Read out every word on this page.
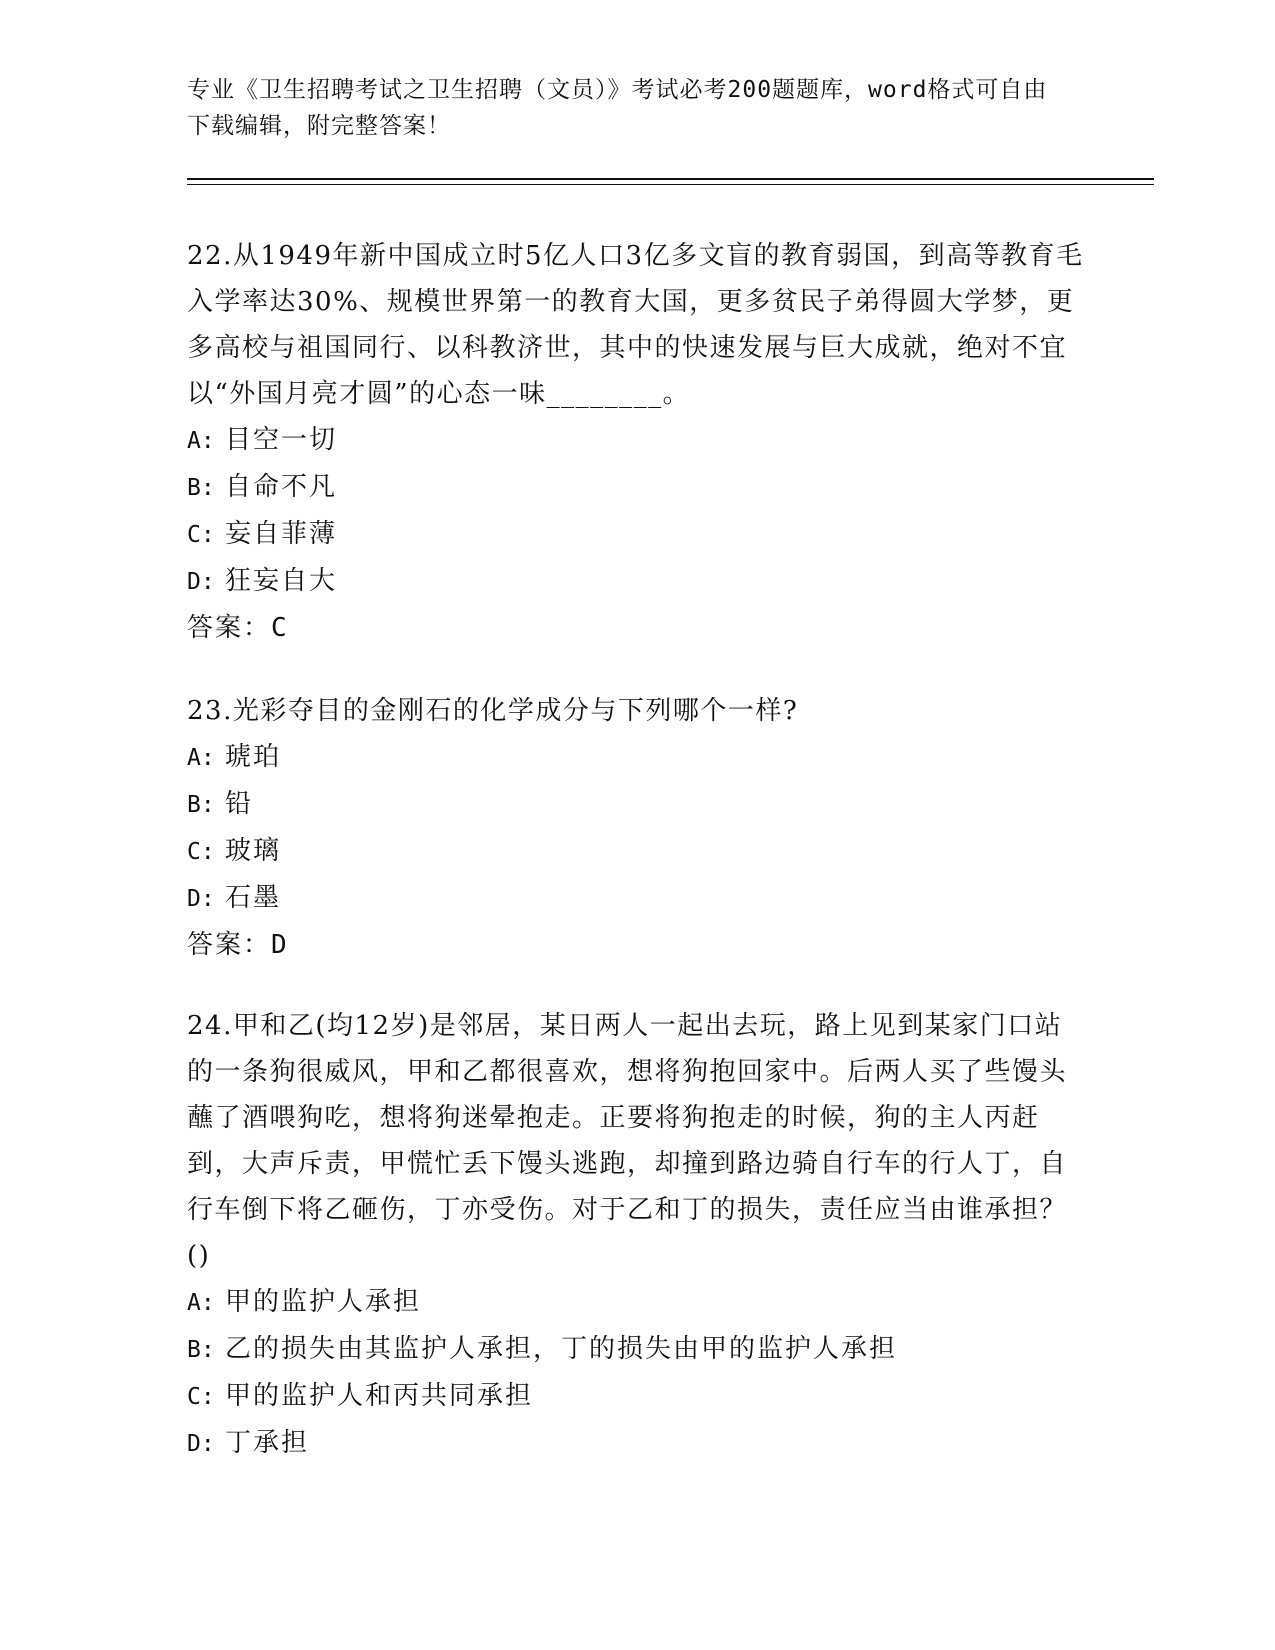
专业《卫生招聘考试之卫生招聘（文员）》考试必考200题题库，word格式可自由下载编辑，附完整答案！

22.从1949年新中国成立时5亿人口3亿多文盲的教育弱国，到高等教育毛入学率达30%、规模世界第一的教育大国，更多贫民子弟得圆大学梦，更多高校与祖国同行、以科教济世，其中的快速发展与巨大成就，绝对不宜以“外国月亮才圆”的心态一味________。

A: 目空一切

B: 自命不凡

C: 妄自菲薄

D: 狂妄自大

答案：C

23.光彩夺目的金刚石的化学成分与下列哪个一样?

A: 琥珀

B: 铅

C: 玻璃

D: 石墨

答案：D

24.甲和乙(均12岁)是邻居，某日两人一起出去玩，路上见到某家门口站的一条狗很威风，甲和乙都很喜欢，想将狗抱回家中。后两人买了些馒头蘸了酒喂狗吃，想将狗迷晕抱走。正要将狗抱走的时候，狗的主人丙赶到，大声斥责，甲慌忙丢下馒头逃跑，却撞到路边骑自行车的行人丁，自行车倒下将乙砸伤，丁亦受伤。对于乙和丁的损失，责任应当由谁承担？()

A: 甲的监护人承担

B: 乙的损失由其监护人承担，丁的损失由甲的监护人承担

C: 甲的监护人和丙共同承担

D: 丁承担
